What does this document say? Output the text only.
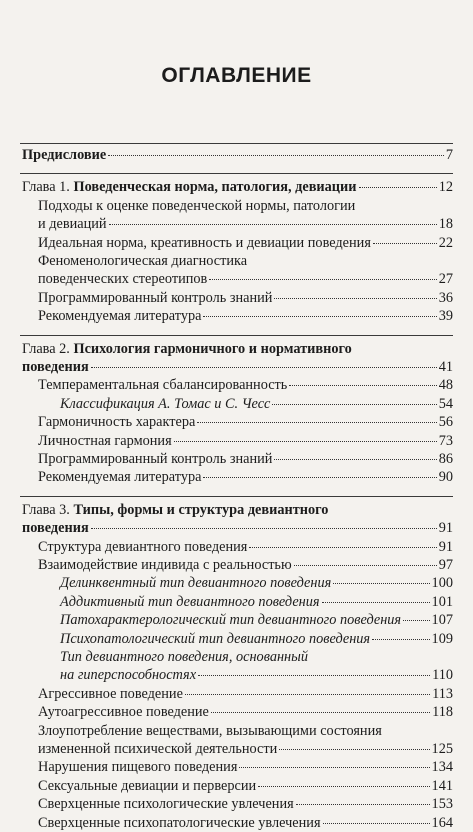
ОГЛАВЛЕНИЕ
Предисловие	7
Глава 1. Поведенческая норма, патология, девиации	12
Подходы к оценке поведенческой нормы, патологии
и девиаций	18
Идеальная норма, креативность и девиации поведения	22
Феноменологическая диагностика
поведенческих стереотипов	27
Программированный контроль знаний	36
Рекомендуемая литература	39
Глава 2. Психология гармоничного и нормативного
поведения	41
Темпераментальная сбалансированность	48
Классификация А. Томас и С. Чесс	54
Гармоничность характера	56
Личностная гармония	73
Программированный контроль знаний	86
Рекомендуемая литература	90
Глава 3. Типы, формы и структура девиантного
поведения	91
Структура девиантного поведения	91
Взаимодействие индивида с реальностью	97
Делинквентный тип девиантного поведения	100
Аддиктивный тип девиантного поведения	101
Патохарактерологический тип девиантного поведения 107
Психопатологический тип девиантного поведения	109
Тип девиантного поведения, основанный
на гиперспособностях	110
Агрессивное поведение	113
Аутоагрессивное поведение	118
Злоупотребление веществами, вызывающими состояния
измененной психической деятельности	125
Нарушения пищевого поведения	134
Сексуальные девиации и перверсии	141
Сверхценные психологические увлечения	153
Сверхценные психопатологические увлечения	164
